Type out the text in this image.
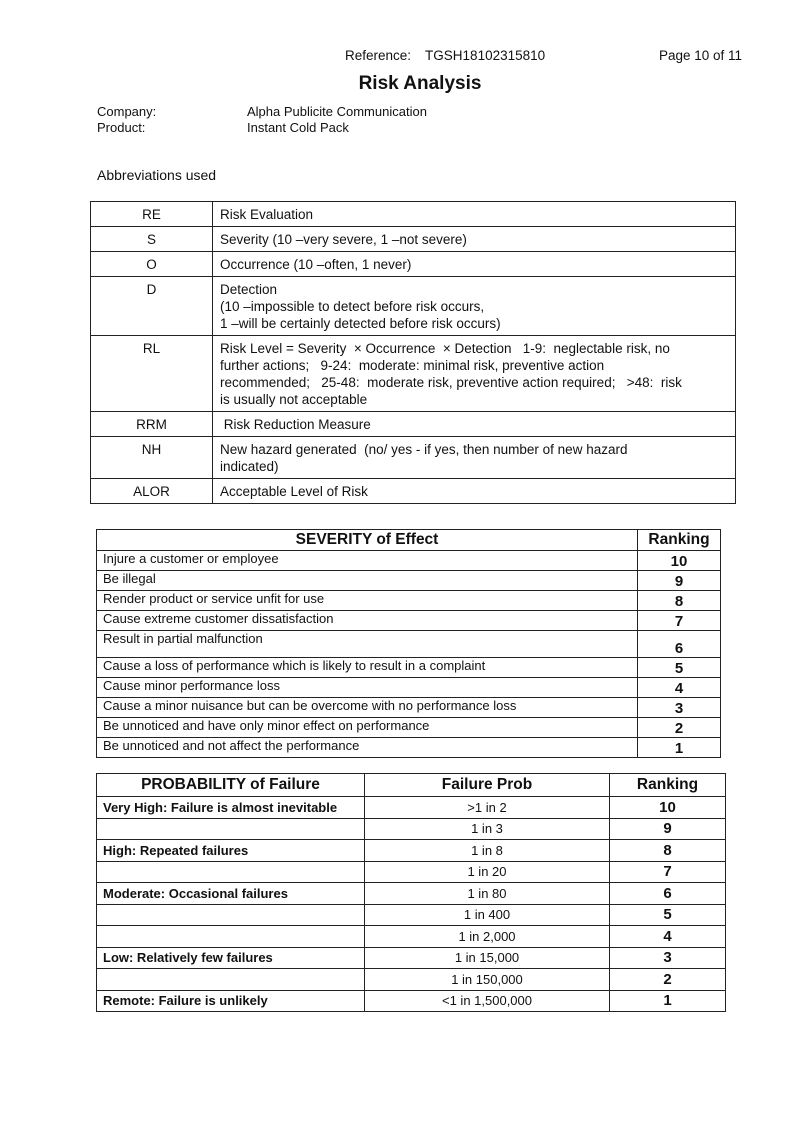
Reference: TGSH18102315810	Page 10 of 11
Risk Analysis
Company:	Alpha Publicite Communication
Product:	Instant Cold Pack
Abbreviations used
RE	Risk Evaluation

S	Severity (10 –very severe, 1 –not severe)

O	Occurrence (10 –often, 1 never)

D	Detection
(10 –impossible to detect before risk occurs,
1 –will be certainly detected before risk occurs)

RL	Risk Level = Severity  × Occurrence  × Detection   1-9:  neglectable risk, no
further actions;   9-24:  moderate: minimal risk, preventive action
recommended;   25-48:  moderate risk, preventive action required;   >48:  risk
is usually not acceptable

RRM	Risk Reduction Measure

NH	New hazard generated  (no/ yes - if yes, then number of new hazard
indicated)

ALOR	Acceptable Level of Risk
SEVERITY of Effect	Ranking
Injure a customer or employee	10
Be illegal	9
Render product or service unfit for use	8
Cause extreme customer dissatisfaction	7
Result in partial malfunction	6
Cause a loss of performance which is likely to result in a complaint	5
Cause minor performance loss	4
Cause a minor nuisance but can be overcome with no performance loss	3
Be unnoticed and have only minor effect on performance	2
Be unnoticed and not affect the performance	1
PROBABILITY of Failure	Failure Prob	Ranking
Very High: Failure is almost inevitable	>1 in 2	10
	1 in 3	9
High: Repeated failures	1 in 8	8
	1 in 20	7
Moderate: Occasional failures	1 in 80	6
	1 in 400	5
	1 in 2,000	4
Low: Relatively few failures	1 in 15,000	3
	1 in 150,000	2
Remote: Failure is unlikely	<1 in 1,500,000	1
